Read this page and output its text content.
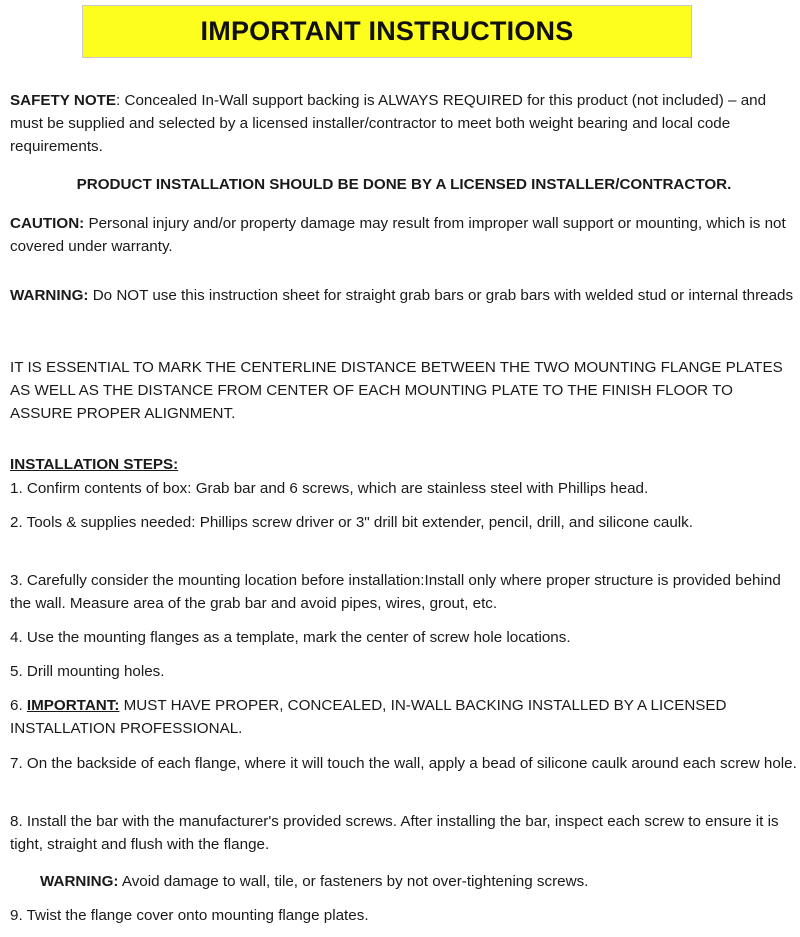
IMPORTANT INSTRUCTIONS

SAFETY NOTE: Concealed In-Wall support backing is ALWAYS REQUIRED for this product (not included) – and must be supplied and selected by a licensed installer/contractor to meet both weight bearing and local code requirements.

PRODUCT INSTALLATION SHOULD BE DONE BY A LICENSED INSTALLER/CONTRACTOR.

CAUTION: Personal injury and/or property damage may result from improper wall support or mounting, which is not covered under warranty.

WARNING: Do NOT use this instruction sheet for straight grab bars or grab bars with welded stud or internal threads

IT IS ESSENTIAL TO MARK THE CENTERLINE DISTANCE BETWEEN THE TWO MOUNTING FLANGE PLATES AS WELL AS THE DISTANCE FROM CENTER OF EACH MOUNTING PLATE TO THE FINISH FLOOR TO ASSURE PROPER ALIGNMENT.

INSTALLATION STEPS:

1. Confirm contents of box: Grab bar and 6 screws, which are stainless steel with Phillips head.

2. Tools & supplies needed: Phillips screw driver or 3" drill bit extender, pencil, drill, and silicone caulk.

3. Carefully consider the mounting location before installation:Install only where proper structure is provided behind the wall. Measure area of the grab bar and avoid pipes, wires, grout, etc.

4. Use the mounting flanges as a template, mark the center of screw hole locations.

5. Drill mounting holes.

6. IMPORTANT: MUST HAVE PROPER, CONCEALED, IN-WALL BACKING INSTALLED BY A LICENSED INSTALLATION PROFESSIONAL.

7. On the backside of each flange, where it will touch the wall, apply a bead of silicone caulk around each screw hole.

8. Install the bar with the manufacturer's provided screws. After installing the bar, inspect each screw to ensure it is tight, straight and flush with the flange.

WARNING: Avoid damage to wall, tile, or fasteners by not over-tightening screws.

9. Twist the flange cover onto mounting flange plates.
